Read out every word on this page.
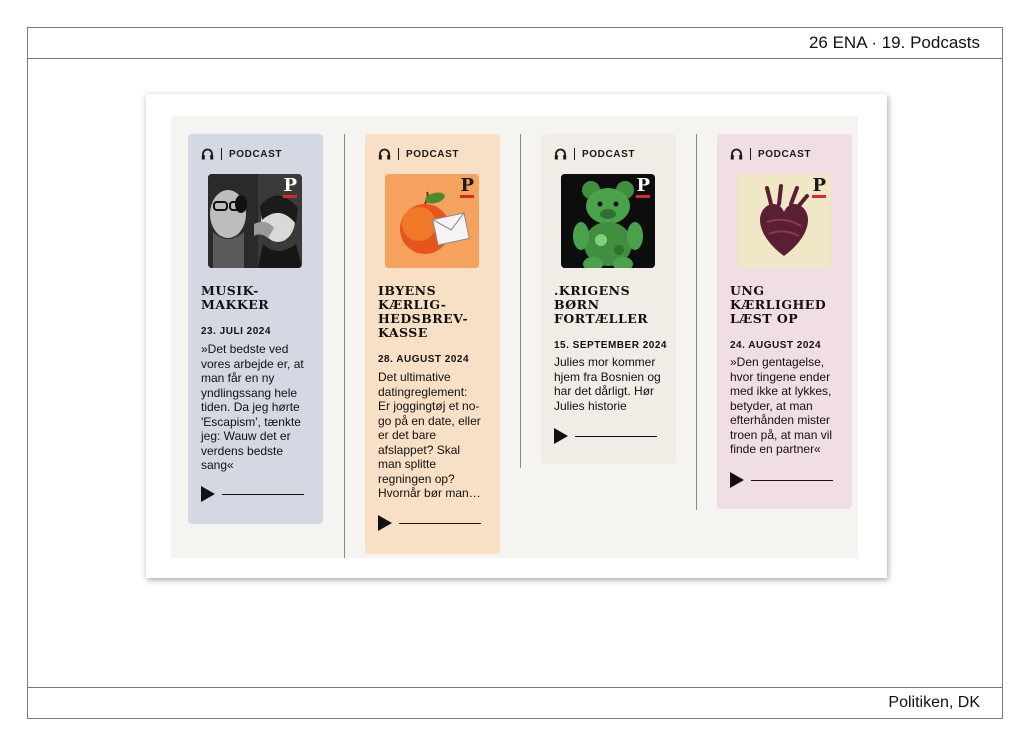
26 ENA · 19. Podcasts
Politiken, DK
PODCAST
P
MUSIK-
MAKKER
23. JULI 2024
»Det bedste ved
vores arbejde er, at
man får en ny
yndlingssang hele
tiden. Da jeg hørte
'Escapism', tænkte
jeg: Wauw det er
verdens bedste
sang«
PODCAST
P
IBYENS
KÆRLIG-
HEDSBREV-
KASSE
28. AUGUST 2024
Det ultimative
datingreglement:
Er joggingtøj et no-
go på en date, eller
er det bare
afslappet? Skal
man splitte
regningen op?
Hvornår bør man…
PODCAST
P
.KRIGENS
BØRN
FORTÆLLER
15. SEPTEMBER 2024
Julies mor kommer
hjem fra Bosnien og
har det dårligt. Hør
Julies historie
PODCAST
P
UNG
KÆRLIGHED
LÆST OP
24. AUGUST 2024
»Den gentagelse,
hvor tingene ender
med ikke at lykkes,
betyder, at man
efterhånden mister
troen på, at man vil
finde en partner«
